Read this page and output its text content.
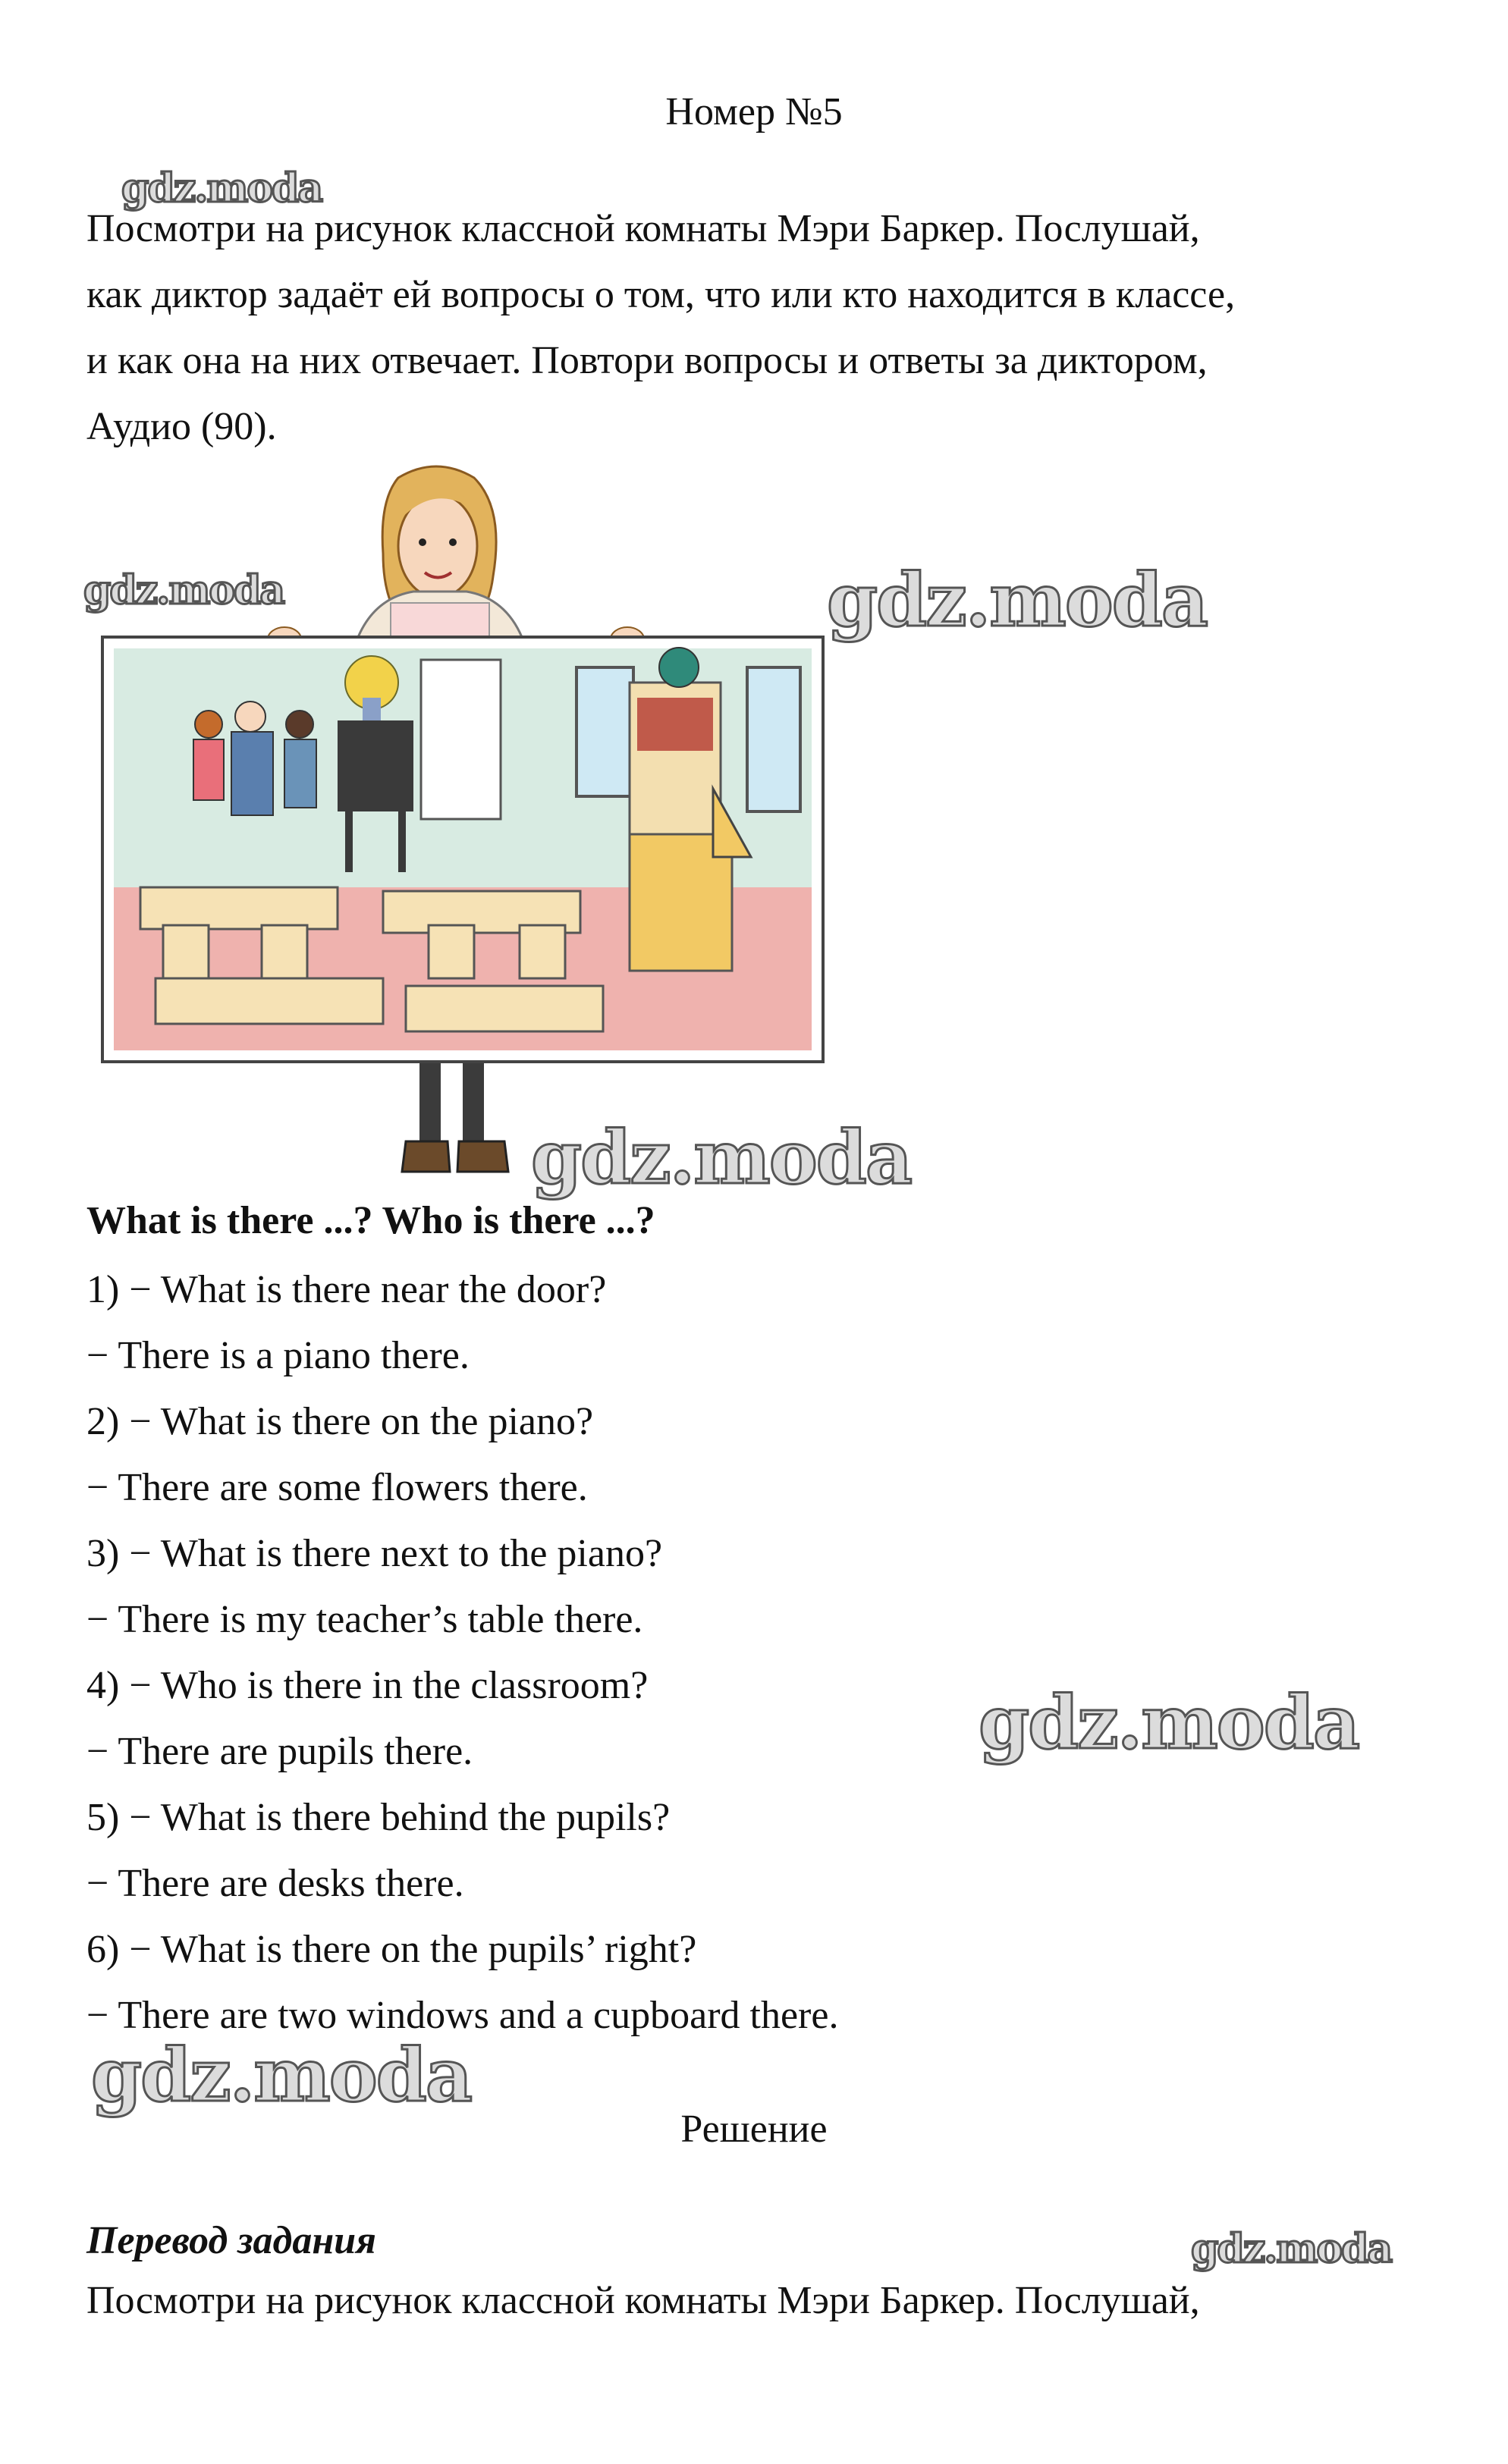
Номер №5

Посмотри на рисунок классной комнаты Мэри Баркер. Послушай,

как диктор задаёт ей вопросы о том, что или кто находится в классе,

и как она на них отвечает. Повтори вопросы и ответы за диктором,

Аудио (90).

What is there ...? Who is there ...?
1) − What is there near the door?
− There is a piano there.
2) − What is there on the piano?
− There are some flowers there.
3) − What is there next to the piano?
− There is my teacher’s table there.
4) − Who is there in the classroom?
− There are pupils there.
5) − What is there behind the pupils?
− There are desks there.
6) − What is there on the pupils’ right?
− There are two windows and a cupboard there.
Решение
Перевод задания
Посмотри на рисунок классной комнаты Мэри Баркер. Послушай,
gdz.moda
gdz.moda	gdz.moda
gdz.moda
gdz.moda
gdz.moda
gdz.moda
